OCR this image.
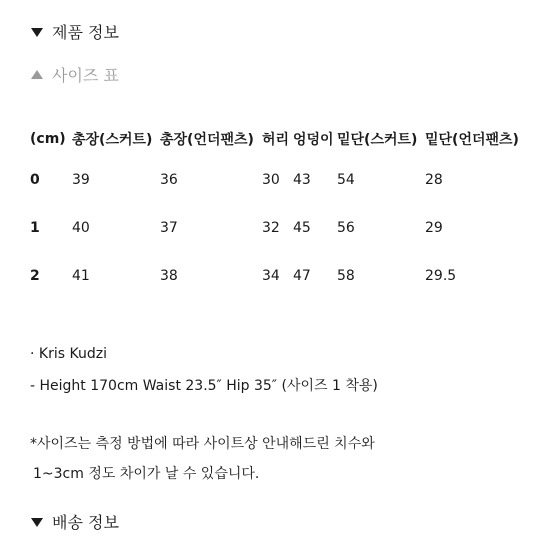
제품 정보
사이즈 표
(cm)	총장(스커트)	총장(언더팬츠)	허리	엉덩이	밑단(스커트)	밑단(언더팬츠)
0	39	36	30	43	54	28
1	40	37	32	45	56	29
2	41	38	34	47	58	29.5
· Kris Kudzi
- Height 170cm Waist 23.5″ Hip 35″ (사이즈 1 착용)
*사이즈는 측정 방법에 따라 사이트상 안내해드린 치수와
1~3cm 정도 차이가 날 수 있습니다.
배송 정보
